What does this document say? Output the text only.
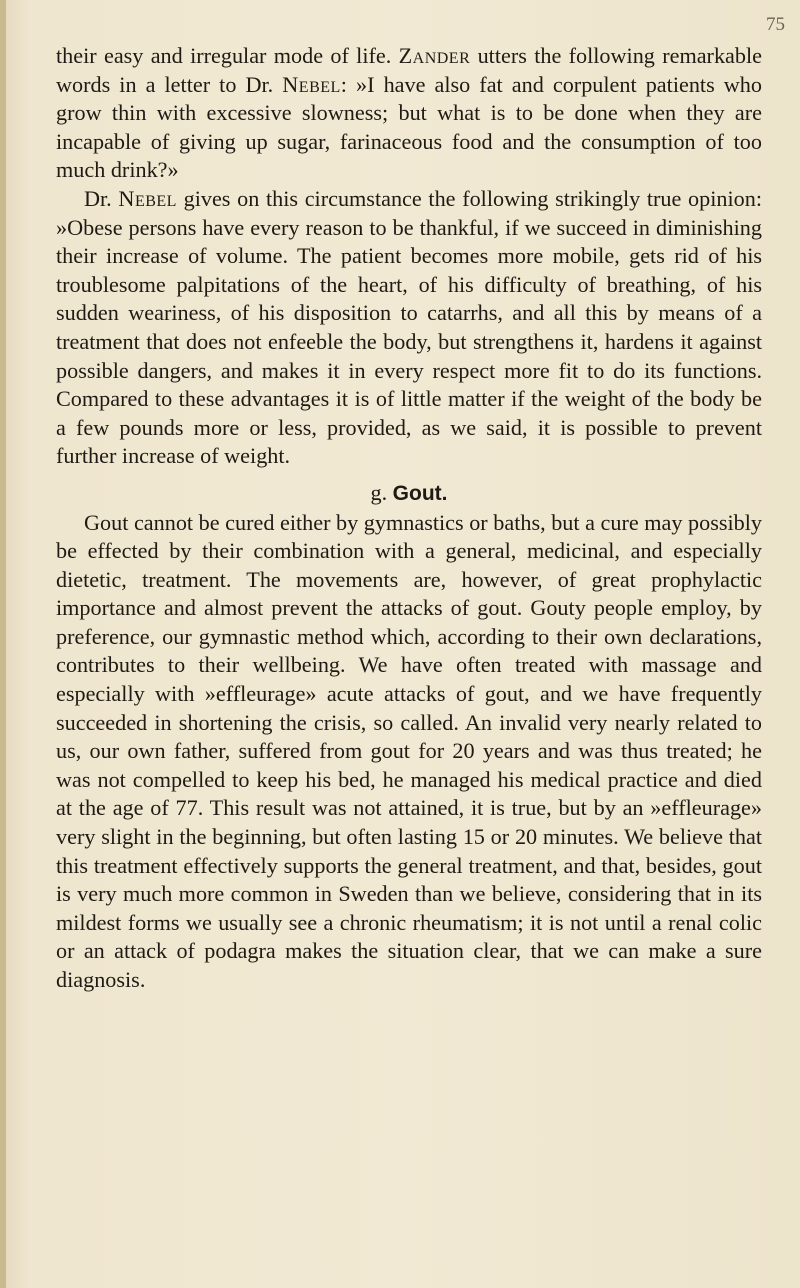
75

their easy and irregular mode of life. Zander utters the following remarkable words in a letter to Dr. Nebel: »I have also fat and corpulent patients who grow thin with excessive slowness; but what is to be done when they are incapable of giving up sugar, farinaceous food and the consumption of too much drink?»

Dr. Nebel gives on this circumstance the following strikingly true opinion: »Obese persons have every reason to be thankful, if we succeed in diminishing their increase of volume. The patient becomes more mobile, gets rid of his troublesome palpitations of the heart, of his difficulty of breathing, of his sudden weariness, of his disposition to catarrhs, and all this by means of a treatment that does not enfeeble the body, but strengthens it, hardens it against possible dangers, and makes it in every respect more fit to do its functions. Compared to these advantages it is of little matter if the weight of the body be a few pounds more or less, provided, as we said, it is possible to prevent further increase of weight.

g. Gout.

Gout cannot be cured either by gymnastics or baths, but a cure may possibly be effected by their combination with a general, medicinal, and especially dietetic, treatment. The movements are, however, of great prophylactic importance and almost prevent the attacks of gout. Gouty people employ, by preference, our gymnastic method which, according to their own declarations, contributes to their wellbeing. We have often treated with massage and especially with »effleurage» acute attacks of gout, and we have frequently succeeded in shortening the crisis, so called. An invalid very nearly related to us, our own father, suffered from gout for 20 years and was thus treated; he was not compelled to keep his bed, he managed his medical practice and died at the age of 77. This result was not attained, it is true, but by an »effleurage» very slight in the beginning, but often lasting 15 or 20 minutes. We believe that this treatment effectively supports the general treatment, and that, besides, gout is very much more common in Sweden than we believe, considering that in its mildest forms we usually see a chronic rheumatism; it is not until a renal colic or an attack of podagra makes the situation clear, that we can make a sure diagnosis.
